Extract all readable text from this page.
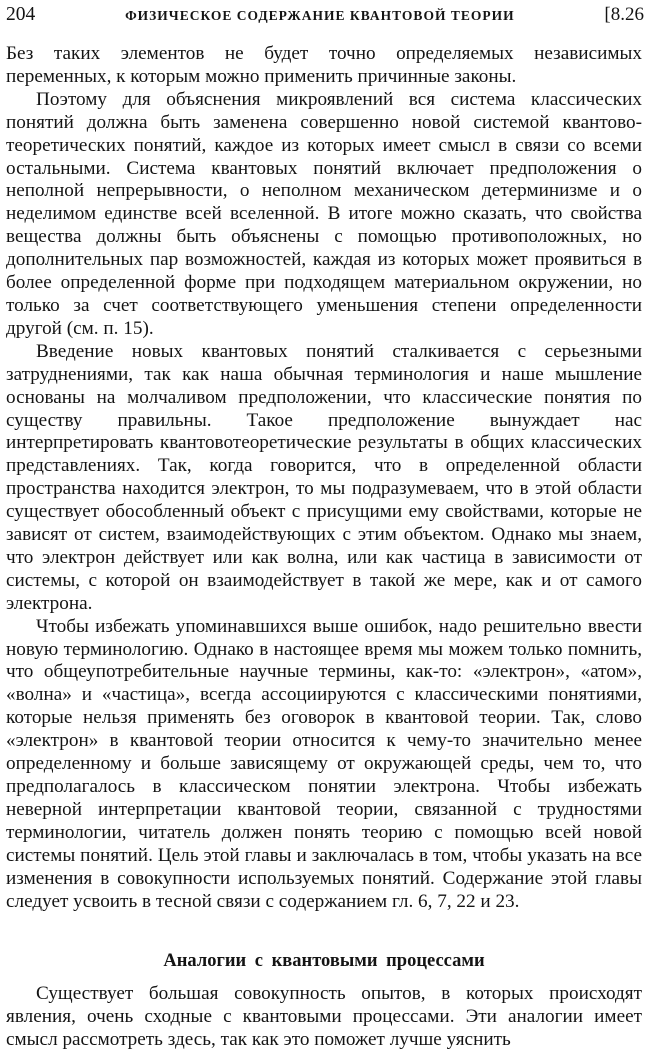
204	ФИЗИЧЕСКОЕ СОДЕРЖАНИЕ КВАНТОВОЙ ТЕОРИИ	[8.26

Без таких элементов не будет точно определяемых независимых переменных, к которым можно применить причинные законы.

Поэтому для объяснения микроявлений вся система классических понятий должна быть заменена совершенно новой системой квантово-теоретических понятий, каждое из которых имеет смысл в связи со всеми остальными. Система квантовых понятий включает предположения о неполной непрерывности, о неполном механическом детерминизме и о неделимом единстве всей вселенной. В итоге можно сказать, что свойства вещества должны быть объяснены с помощью противоположных, но дополнительных пар возможностей, каждая из которых может проявиться в более определенной форме при подходящем материальном окружении, но только за счет соответствующего уменьшения степени определенности другой (см. п. 15).

Введение новых квантовых понятий сталкивается с серьезными затруднениями, так как наша обычная терминология и наше мышление основаны на молчаливом предположении, что классические понятия по существу правильны. Такое предположение вынуждает нас интерпретировать квантовотеоретические результаты в общих классических представлениях. Так, когда говорится, что в определенной области пространства находится электрон, то мы подразумеваем, что в этой области существует обособленный объект с присущими ему свойствами, которые не зависят от систем, взаимодействующих с этим объектом. Однако мы знаем, что электрон действует или как волна, или как частица в зависимости от системы, с которой он взаимодействует в такой же мере, как и от самого электрона.

Чтобы избежать упоминавшихся выше ошибок, надо решительно ввести новую терминологию. Однако в настоящее время мы можем только помнить, что общеупотребительные научные термины, как-то: «электрон», «атом», «волна» и «частица», всегда ассоциируются с классическими понятиями, которые нельзя применять без оговорок в квантовой теории. Так, слово «электрон» в квантовой теории относится к чему-то значительно менее определенному и больше зависящему от окружающей среды, чем то, что предполагалось в классическом понятии электрона. Чтобы избежать неверной интерпретации квантовой теории, связанной с трудностями терминологии, читатель должен понять теорию с помощью всей новой системы понятий. Цель этой главы и заключалась в том, чтобы указать на все изменения в совокупности используемых понятий. Содержание этой главы следует усвоить в тесной связи с содержанием гл. 6, 7, 22 и 23.

Аналогии с квантовыми процессами

Существует большая совокупность опытов, в которых происходят явления, очень сходные с квантовыми процессами. Эти аналогии имеет смысл рассмотреть здесь, так как это поможет лучше уяснить
